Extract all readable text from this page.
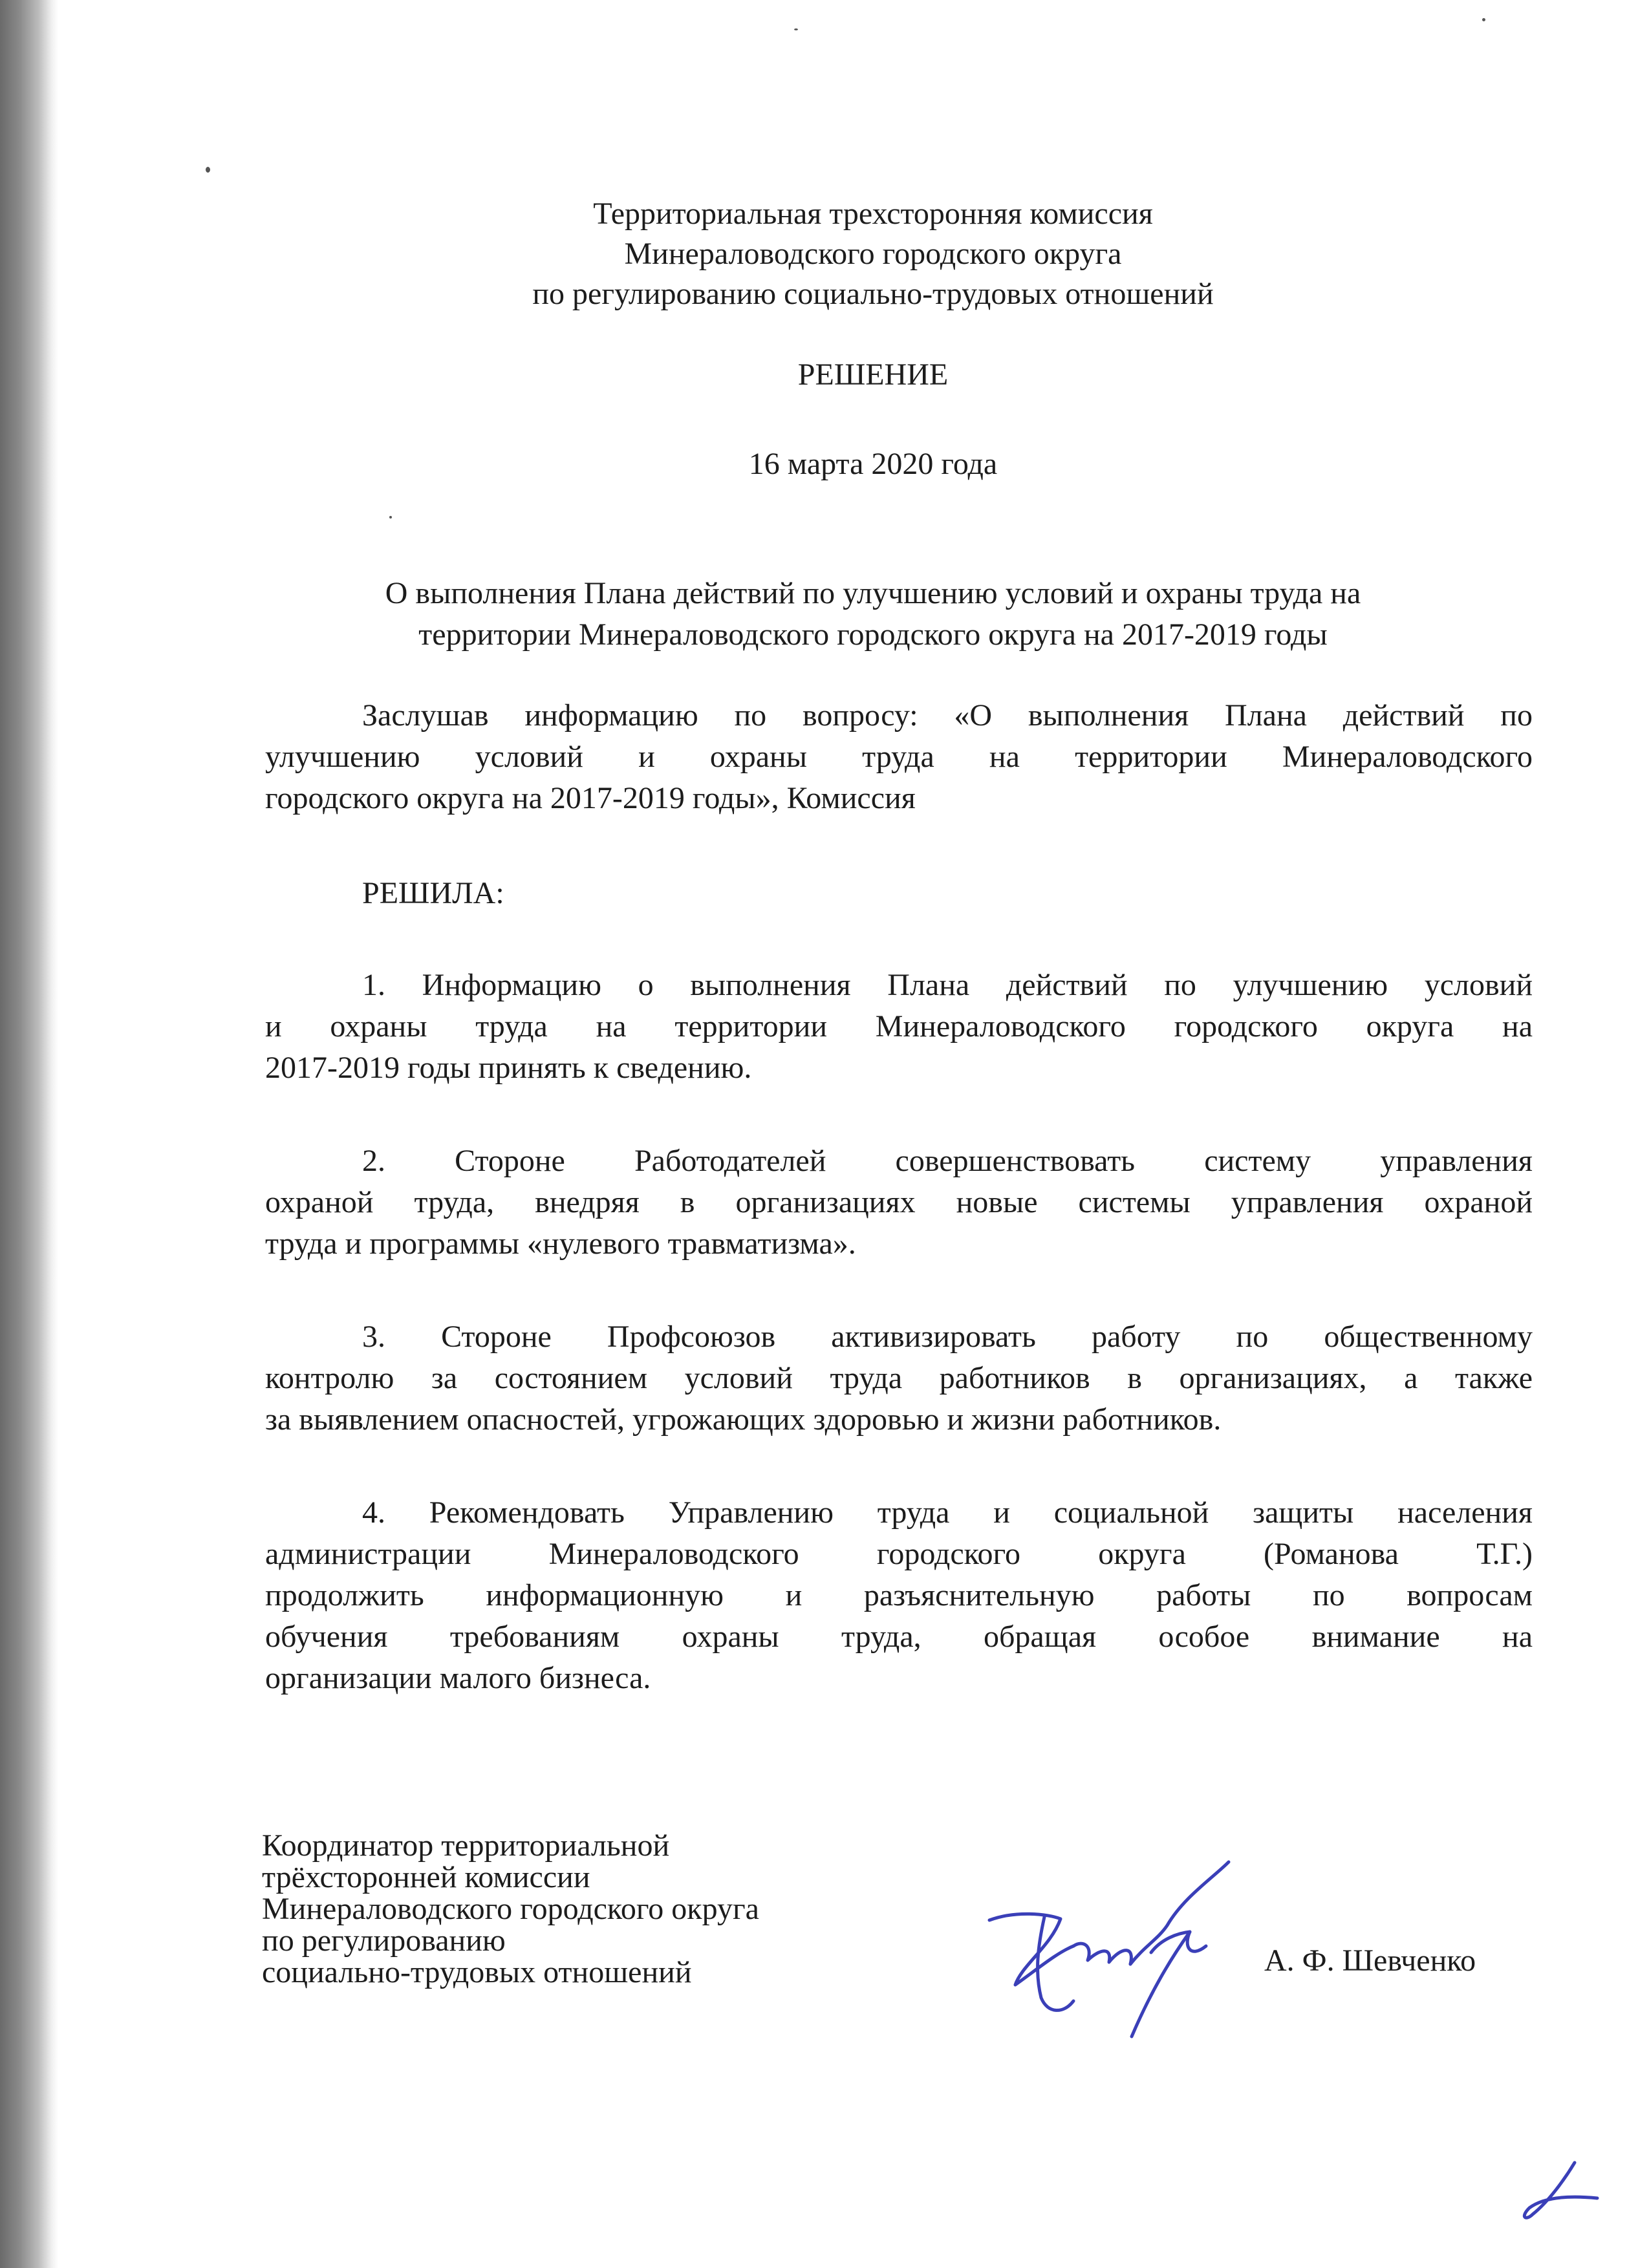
Территориальная трехсторонняя комиссия
Минераловодского городского округа
по регулированию социально-трудовых отношений
РЕШЕНИЕ
16 марта 2020 года
О выполнения Плана действий по улучшению условий и охраны труда на
территории Минераловодского городского округа на 2017-2019 годы
Заслушав информацию по вопросу: «О выполнения Плана действий по
улучшению условий и охраны труда на территории Минераловодского
городского округа на 2017-2019 годы», Комиссия
РЕШИЛА:
1. Информацию о выполнения Плана действий по улучшению условий
и охраны труда на территории Минераловодского городского округа на
2017-2019 годы принять к сведению.
2. Стороне Работодателей совершенствовать систему управления
охраной труда, внедряя в организациях новые системы управления охраной
труда и программы «нулевого травматизма».
3. Стороне Профсоюзов активизировать работу по общественному
контролю за состоянием условий труда работников в организациях, а также
за выявлением опасностей, угрожающих здоровью и жизни работников.
4. Рекомендовать Управлению труда и социальной защиты населения
администрации Минераловодского городского округа (Романова Т.Г.)
продолжить информационную и разъяснительную работы по вопросам
обучения требованиям охраны труда, обращая особое внимание на
организации малого бизнеса.
Координатор территориальной
трёхсторонней комиссии
Минераловодского городского округа
по регулированию
социально-трудовых отношений	А. Ф. Шевченко
